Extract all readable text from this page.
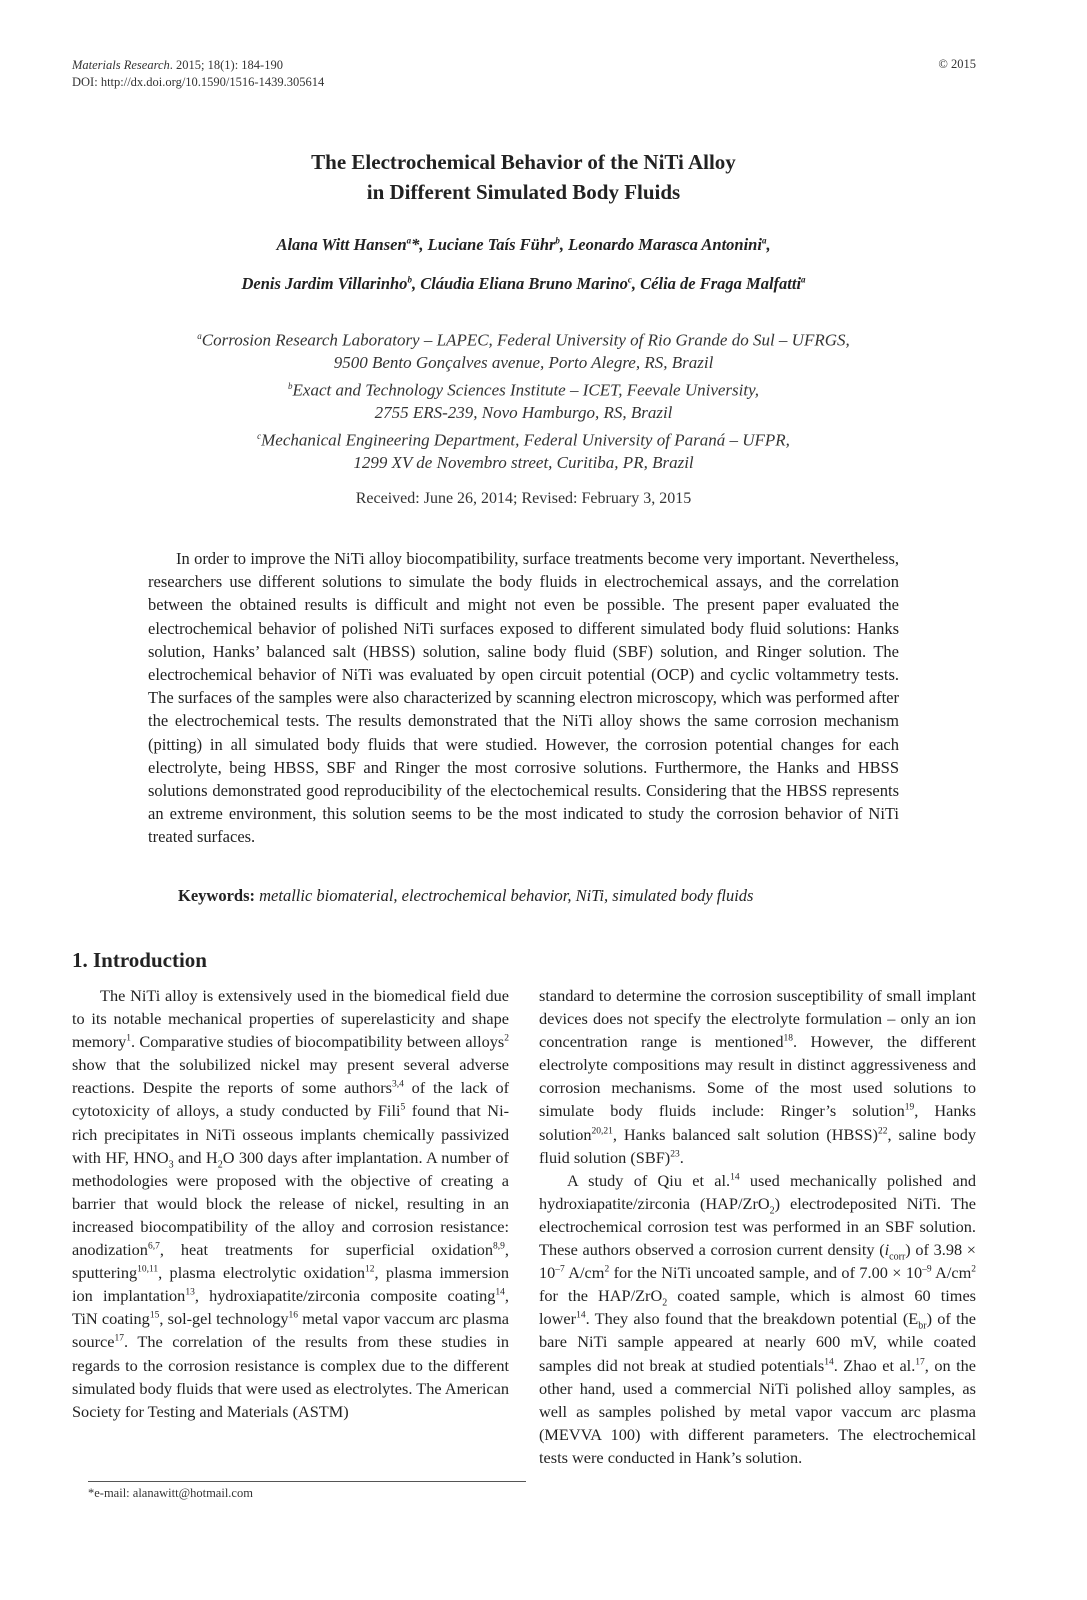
Materials Research. 2015; 18(1): 184-190
DOI: http://dx.doi.org/10.1590/1516-1439.305614
© 2015
The Electrochemical Behavior of the NiTi Alloy
in Different Simulated Body Fluids
Alana Witt Hansen$^a$*, Luciane Taís Führ$^b$, Leonardo Marasca Antonini$^a$,
Denis Jardim Villarinho$^b$, Cláudia Eliana Bruno Marino$^c$, Célia de Fraga Malfatti$^a$
$^a$Corrosion Research Laboratory – LAPEC, Federal University of Rio Grande do Sul – UFRGS,
9500 Bento Gonçalves avenue, Porto Alegre, RS, Brazil
$^b$Exact and Technology Sciences Institute – ICET, Feevale University,
2755 ERS-239, Novo Hamburgo, RS, Brazil
$^c$Mechanical Engineering Department, Federal University of Paraná – UFPR,
1299 XV de Novembro street, Curitiba, PR, Brazil
Received: June 26, 2014; Revised: February 3, 2015

In order to improve the NiTi alloy biocompatibility, surface treatments become very important. Nevertheless, researchers use different solutions to simulate the body fluids in electrochemical assays, and the correlation between the obtained results is difficult and might not even be possible. The present paper evaluated the electrochemical behavior of polished NiTi surfaces exposed to different simulated body fluid solutions: Hanks solution, Hanks’ balanced salt (HBSS) solution, saline body fluid (SBF) solution, and Ringer solution. The electrochemical behavior of NiTi was evaluated by open circuit potential (OCP) and cyclic voltammetry tests. The surfaces of the samples were also characterized by scanning electron microscopy, which was performed after the electrochemical tests. The results demonstrated that the NiTi alloy shows the same corrosion mechanism (pitting) in all simulated body fluids that were studied. However, the corrosion potential changes for each electrolyte, being HBSS, SBF and Ringer the most corrosive solutions. Furthermore, the Hanks and HBSS solutions demonstrated good reproducibility of the electochemical results. Considering that the HBSS represents an extreme environment, this solution seems to be the most indicated to study the corrosion behavior of NiTi treated surfaces.

Keywords: metallic biomaterial, electrochemical behavior, NiTi, simulated body fluids
1. Introduction

The NiTi alloy is extensively used in the biomedical field due to its notable mechanical properties of superelasticity and shape memory$^1$. Comparative studies of biocompatibility between alloys$^2$ show that the solubilized nickel may present several adverse reactions. Despite the reports of some authors$^{3,4}$ of the lack of cytotoxicity of alloys, a study conducted by Fili$^5$ found that Ni-rich precipitates in NiTi osseous implants chemically passivized with HF, $HNO_3$ and $H_2O$ 300 days after implantation. A number of methodologies were proposed with the objective of creating a barrier that would block the release of nickel, resulting in an increased biocompatibility of the alloy and corrosion resistance: anodization$^{6,7}$, heat treatments for superficial oxidation$^{8,9}$, sputtering$^{10,11}$, plasma electrolytic oxidation$^{12}$, plasma immersion ion implantation$^{13}$, hydroxiapatite/zirconia composite coating$^{14}$, TiN coating$^{15}$, sol-gel technology$^{16}$ metal vapor vaccum arc plasma source$^{17}$. The correlation of the results from these studies in regards to the corrosion resistance is complex due to the different simulated body fluids that were used as electrolytes. The American Society for Testing and Materials (ASTM)

standard to determine the corrosion susceptibility of small implant devices does not specify the electrolyte formulation – only an ion concentration range is mentioned$^{18}$. However, the different electrolyte compositions may result in distinct aggressiveness and corrosion mechanisms. Some of the most used solutions to simulate body fluids include: Ringer’s solution$^{19}$, Hanks solution$^{20,21}$, Hanks balanced salt solution (HBSS)$^{22}$, saline body fluid solution (SBF)$^{23}$.

A study of Qiu et al.$^{14}$ used mechanically polished and hydroxiapatite/zirconia (HAP/ZrO$_2$) electrodeposited NiTi. The electrochemical corrosion test was performed in an SBF solution. These authors observed a corrosion current density $(i_{corr})$ of $3.98 \times 10^{-7}$ $A/cm^2$ for the NiTi uncoated sample, and of $7.00 \times 10^{-9}$ $A/cm^2$ for the HAP/ZrO$_2$ coated sample, which is almost 60 times lower$^{14}$. They also found that the breakdown potential $(E_{br})$ of the bare NiTi sample appeared at nearly 600 mV, while coated samples did not break at studied potentials$^{14}$. Zhao et al.$^{17}$, on the other hand, used a commercial NiTi polished alloy samples, as well as samples polished by metal vapor vaccum arc plasma (MEVVA 100) with different parameters. The electrochemical tests were conducted in Hank’s solution.

*e-mail: alanawitt@hotmail.com
